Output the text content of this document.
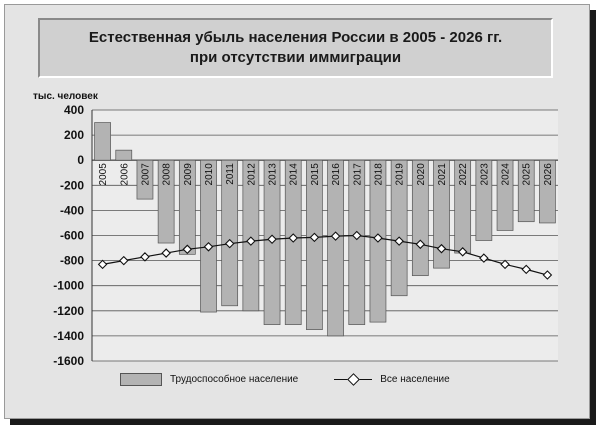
Естественная убыль населения России в 2005 - 2026 гг.
при отсутствии иммиграции
тыс. человек
400
200
0
-200
-400
-600
-800
-1000
-1200
-1400
-1600
2005 2006 2007 2008 2009 2010 2011 2012 2013 2014 2015 2016 2017 2018 2019 2020 2021 2022 2023 2024 2025 2026
Трудоспособное население	Все население
